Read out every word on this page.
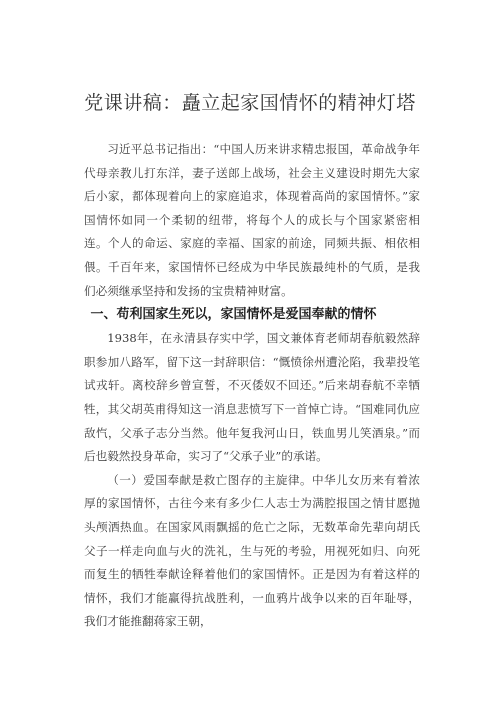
党课讲稿：矗立起家国情怀的精神灯塔

习近平总书记指出：“中国人历来讲求精忠报国，革命战争年代母亲教儿打东洋，妻子送郎上战场，社会主义建设时期先大家后小家，都体现着向上的家庭追求，体现着高尚的家国情怀。”家国情怀如同一个柔韧的纽带，将每个人的成长与个国家紧密相连。个人的命运、家庭的幸福、国家的前途，同频共振、相依相偎。千百年来，家国情怀已经成为中华民族最纯朴的气质，是我们必须继承坚持和发扬的宝贵精神财富。

一、苟利国家生死以，家国情怀是爱国奉献的情怀

1938年，在永清县存实中学，国文兼体育老师胡春航毅然辞职参加八路军，留下这一封辞职信：“慨愤徐州遭沦陷，我辈投笔试戎轩。离校辞乡曾宣誓，不灭倭奴不回还。”后来胡春航不幸牺牲，其父胡英甫得知这一消息悲愤写下一首悼亡诗。“国难同仇应敌忾，父承子志分当然。他年复我河山日，铁血男儿笑酒泉。”而后也毅然投身革命，实习了“父承子业”的承诺。

（一）爱国奉献是救亡图存的主旋律。中华儿女历来有着浓厚的家国情怀，古往今来有多少仁人志士为满腔报国之情甘愿抛头颅洒热血。在国家风雨飘摇的危亡之际，无数革命先辈向胡氏父子一样走向血与火的洗礼，生与死的考验，用视死如归、向死而复生的牺牲奉献诠释着他们的家国情怀。正是因为有着这样的情怀，我们才能赢得抗战胜利，一血鸦片战争以来的百年耻辱，我们才能推翻蒋家王朝，
